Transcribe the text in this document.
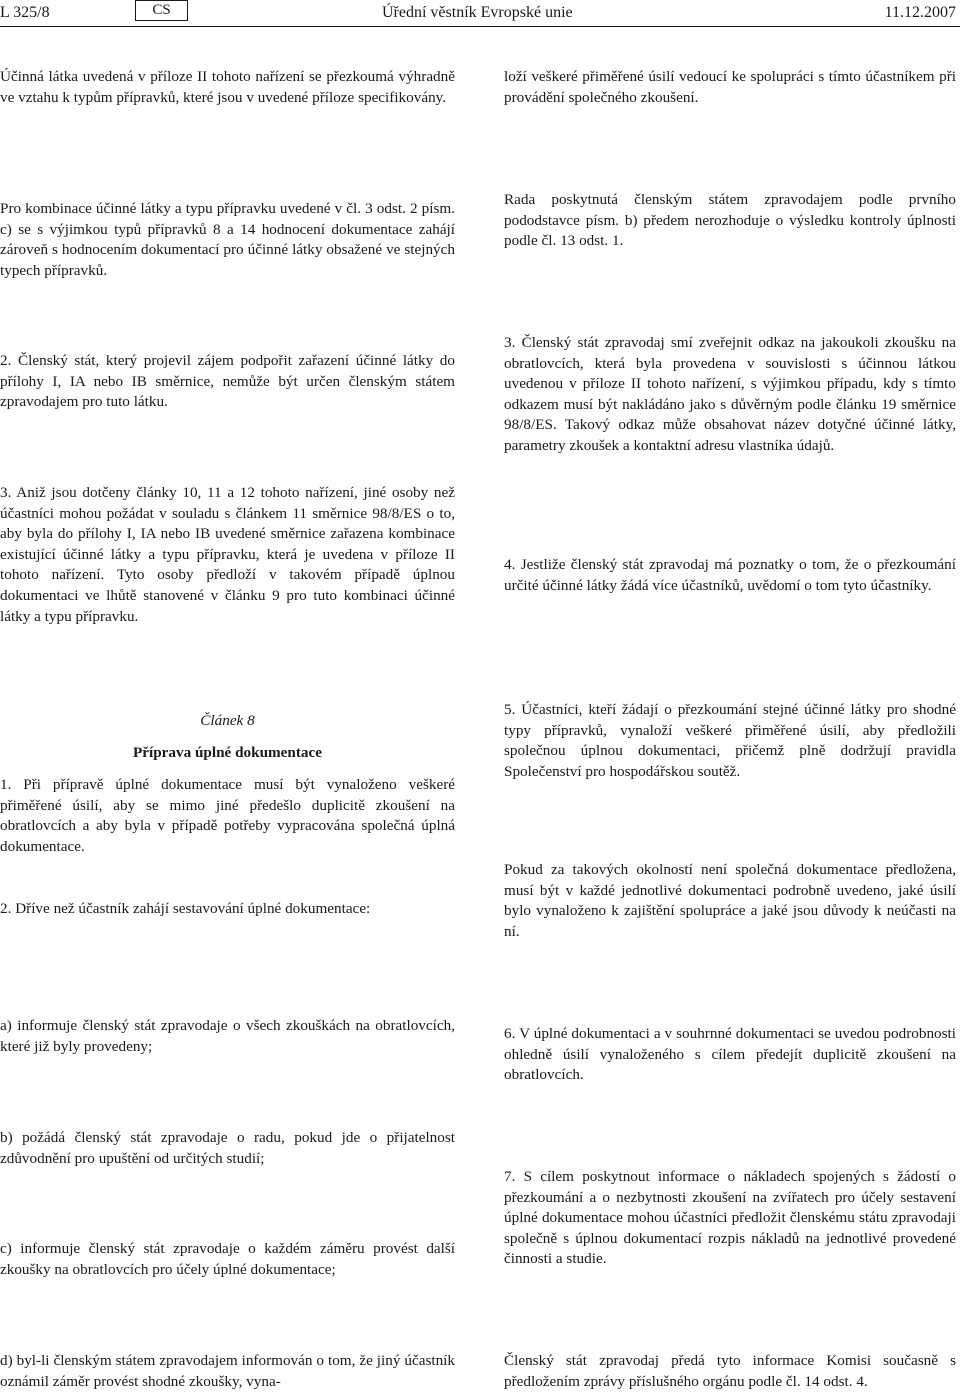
L 325/8	CS	Úřední věstník Evropské unie	11.12.2007

Účinná látka uvedená v příloze II tohoto nařízení se přezkoumá výhradně ve vztahu k typům přípravků, které jsou v uvedené příloze specifikovány.

Pro kombinace účinné látky a typu přípravku uvedené v čl. 3 odst. 2 písm. c) se s výjimkou typů přípravků 8 a 14 hodnocení dokumentace zahájí zároveň s hodnocením dokumentací pro účinné látky obsažené ve stejných typech přípravků.

2. Členský stát, který projevil zájem podpořit zařazení účinné látky do přílohy I, IA nebo IB směrnice, nemůže být určen členským státem zpravodajem pro tuto látku.

3. Aniž jsou dotčeny články 10, 11 a 12 tohoto nařízení, jiné osoby než účastníci mohou požádat v souladu s článkem 11 směrnice 98/8/ES o to, aby byla do přílohy I, IA nebo IB uvedené směrnice zařazena kombinace existující účinné látky a typu přípravku, která je uvedena v příloze II tohoto nařízení. Tyto osoby předloží v takovém případě úplnou dokumentaci ve lhůtě stanovené v článku 9 pro tuto kombinaci účinné látky a typu přípravku.

Článek 8

Příprava úplné dokumentace

1. Při přípravě úplné dokumentace musí být vynaloženo veškeré přiměřené úsilí, aby se mimo jiné předešlo duplicitě zkoušení na obratlovcích a aby byla v případě potřeby vypracována společná úplná dokumentace.

2. Dříve než účastník zahájí sestavování úplné dokumentace:

a) informuje členský stát zpravodaje o všech zkouškách na obratlovcích, které již byly provedeny;

b) požádá členský stát zpravodaje o radu, pokud jde o přijatelnost zdůvodnění pro upuštění od určitých studií;

c) informuje členský stát zpravodaje o každém záměru provést další zkoušky na obratlovcích pro účely úplné dokumentace;

d) byl-li členským státem zpravodajem informován o tom, že jiný účastník oznámil záměr provést shodné zkoušky, vyna-

loží veškeré přiměřené úsilí vedoucí ke spolupráci s tímto účastníkem při provádění společného zkoušení.

Rada poskytnutá členským státem zpravodajem podle prvního pododstavce písm. b) předem nerozhoduje o výsledku kontroly úplnosti podle čl. 13 odst. 1.

3. Členský stát zpravodaj smí zveřejnit odkaz na jakoukoli zkoušku na obratlovcích, která byla provedena v souvislosti s účinnou látkou uvedenou v příloze II tohoto nařízení, s výjimkou případu, kdy s tímto odkazem musí být nakládáno jako s důvěrným podle článku 19 směrnice 98/8/ES. Takový odkaz může obsahovat název dotyčné účinné látky, parametry zkoušek a kontaktní adresu vlastníka údajů.

4. Jestliže členský stát zpravodaj má poznatky o tom, že o přezkoumání určité účinné látky žádá více účastníků, uvědomí o tom tyto účastníky.

5. Účastníci, kteří žádají o přezkoumání stejné účinné látky pro shodné typy přípravků, vynaloží veškeré přiměřené úsilí, aby předložili společnou úplnou dokumentaci, přičemž plně dodržují pravidla Společenství pro hospodářskou soutěž.

Pokud za takových okolností není společná dokumentace předložena, musí být v každé jednotlivé dokumentaci podrobně uvedeno, jaké úsilí bylo vynaloženo k zajištění spolupráce a jaké jsou důvody k neúčasti na ní.

6. V úplné dokumentaci a v souhrnné dokumentaci se uvedou podrobnosti ohledně úsilí vynaloženého s cílem předejít duplicitě zkoušení na obratlovcích.

7. S cílem poskytnout informace o nákladech spojených s žádostí o přezkoumání a o nezbytnosti zkoušení na zvířatech pro účely sestavení úplné dokumentace mohou účastníci předložit členskému státu zpravodaji společně s úplnou dokumentací rozpis nákladů na jednotlivé provedené činnosti a studie.

Členský stát zpravodaj předá tyto informace Komisi současně s předložením zprávy příslušného orgánu podle čl. 14 odst. 4.
